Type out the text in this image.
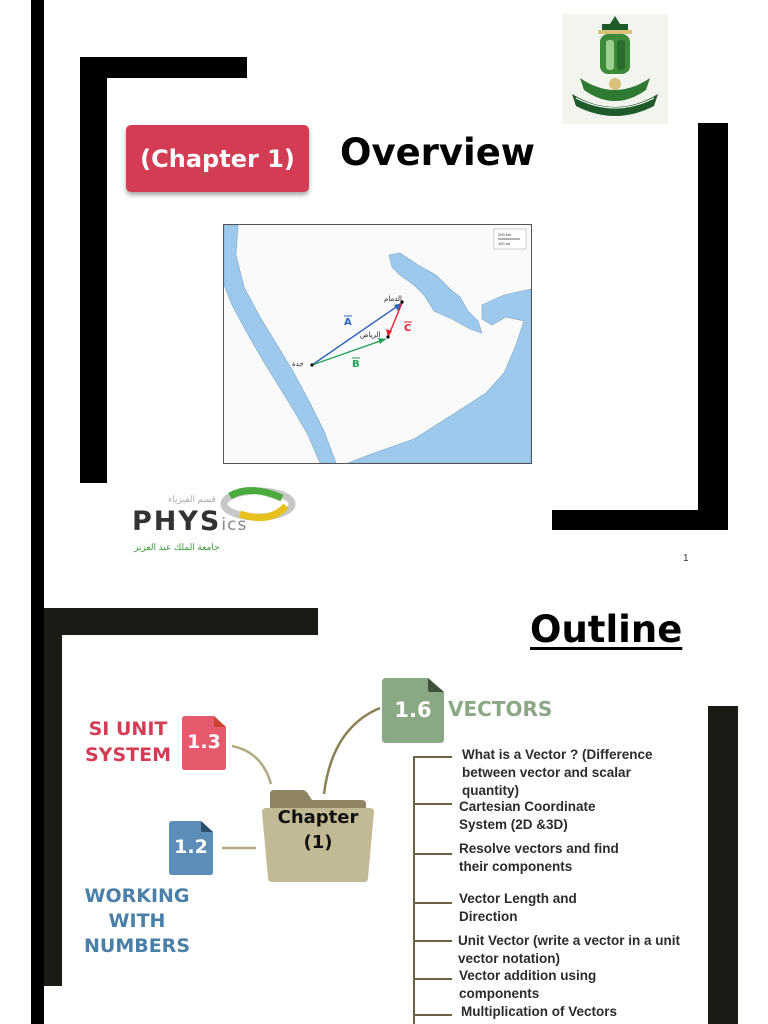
(Chapter 1)	Overview
200 km
100 mi
جدة
الدمام
الرياض
A
B
C
قسم الفيزياء
PHYSics
جامعة الملك عبد العزيز
1
Outline
1.6 VECTORS
1.3
SI UNIT
SYSTEM
1.2
WORKING
WITH
NUMBERS
Chapter
(1)
What is a Vector ? (Difference between vector and scalar quantity)
Cartesian Coordinate System (2D &3D)
Resolve vectors and find their components
Vector Length and Direction
Unit Vector (write a vector in a unit vector notation)
Vector addition using components
Multiplication of Vectors
